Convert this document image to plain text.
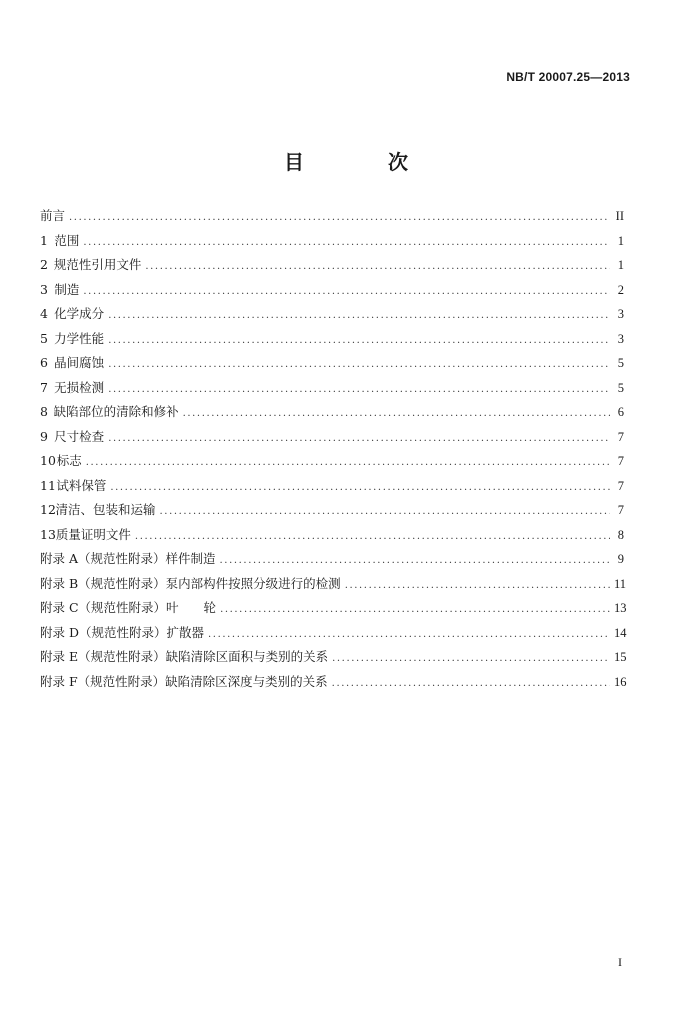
NB/T 20007.25—2013
目　次
前言 .....	II
1 范围 .....	1
2 规范性引用文件 .....	1
3 制造 .....	2
4 化学成分 .....	3
5 力学性能 .....	3
6 晶间腐蚀 .....	5
7 无损检测 .....	5
8 缺陷部位的清除和修补 .....	6
9 尺寸检查 .....	7
10 标志 .....	7
11 试料保管 .....	7
12 清洁、包装和运输 .....	7
13 质量证明文件 .....	8
附录 A（规范性附录） 样件制造 .....	9
附录 B（规范性附录） 泵内部构件按照分级进行的检测 .....	11
附录 C（规范性附录） 叶　　轮 .....	13
附录 D（规范性附录） 扩散器 .....	14
附录 E（规范性附录） 缺陷清除区面积与类别的关系 .....	15
附录 F（规范性附录） 缺陷清除区深度与类别的关系 .....	16
I
